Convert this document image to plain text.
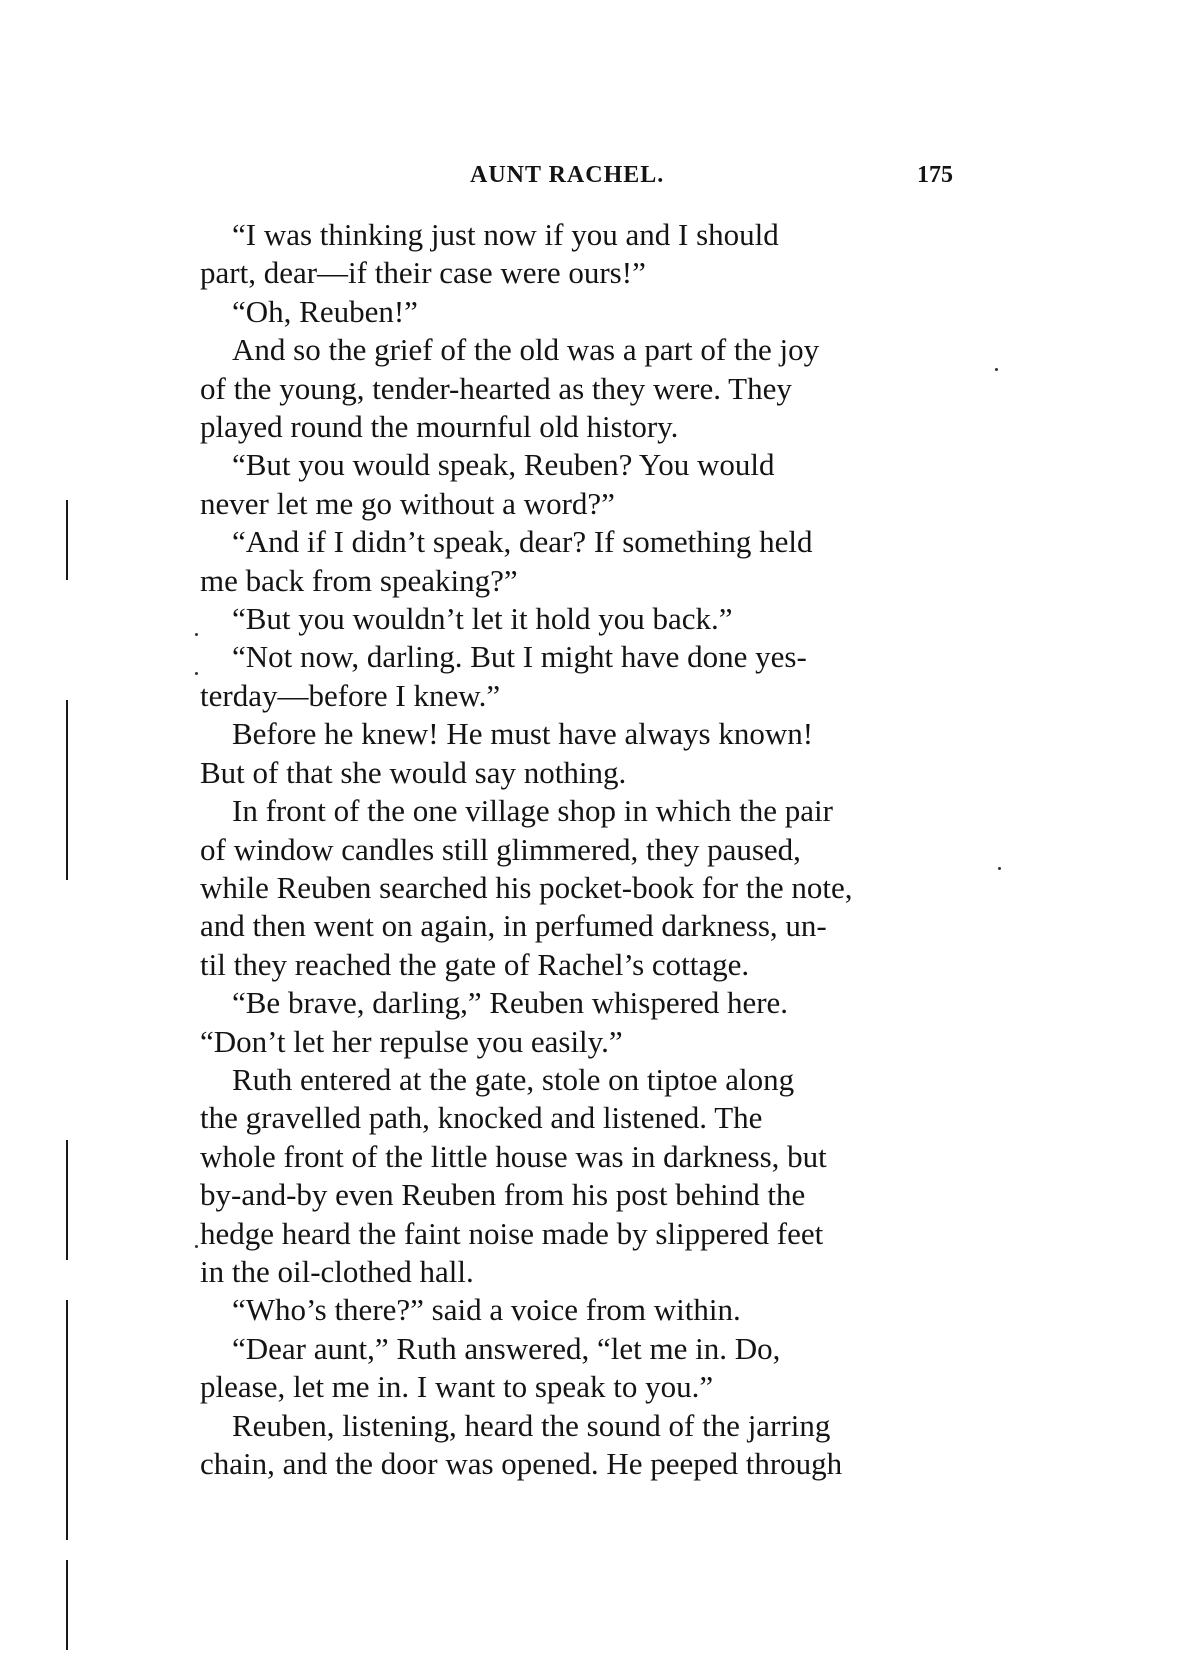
AUNT RACHEL.	175

“I was thinking just now if you and I should
part, dear—if their case were ours!”

“Oh, Reuben!”

And so the grief of the old was a part of the joy
of the young, tender-hearted as they were. They
played round the mournful old history.

“But you would speak, Reuben? You would
never let me go without a word?”

“And if I didn’t speak, dear? If something held
me back from speaking?”

“But you wouldn’t let it hold you back.”

“Not now, darling. But I might have done yes-
terday—before I knew.”

Before he knew! He must have always known!
But of that she would say nothing.

In front of the one village shop in which the pair
of window candles still glimmered, they paused,
while Reuben searched his pocket-book for the note,
and then went on again, in perfumed darkness, un-
til they reached the gate of Rachel’s cottage.

“Be brave, darling,” Reuben whispered here.
“Don’t let her repulse you easily.”

Ruth entered at the gate, stole on tiptoe along
the gravelled path, knocked and listened. The
whole front of the little house was in darkness, but
by-and-by even Reuben from his post behind the
hedge heard the faint noise made by slippered feet
in the oil-clothed hall.

“Who’s there?” said a voice from within.

“Dear aunt,” Ruth answered, “let me in. Do,
please, let me in. I want to speak to you.”

Reuben, listening, heard the sound of the jarring
chain, and the door was opened. He peeped through
